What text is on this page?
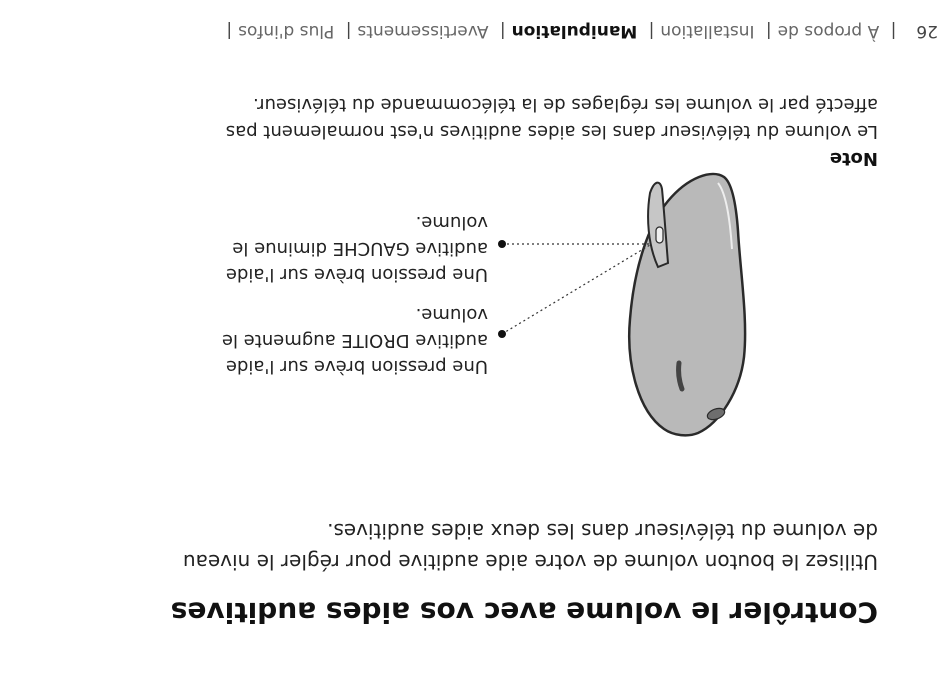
26| À propos de| Installation| Manipulation| Avertissements| Plus d'infos|
Contrôler le volume avec vos aides auditives
Utilisez le bouton volume de votre aide auditive pour régler le niveau de volume du téléviseur dans les deux aides auditives.
Une pression brève sur l'aide auditive DROITE augmente le volume.
Une pression brève sur l'aide auditive GAUCHE diminue le volume.
Note
Le volume du téléviseur dans les aides auditives n'est normalement pas affecté par le volume les réglages de la télécommande du téléviseur.
